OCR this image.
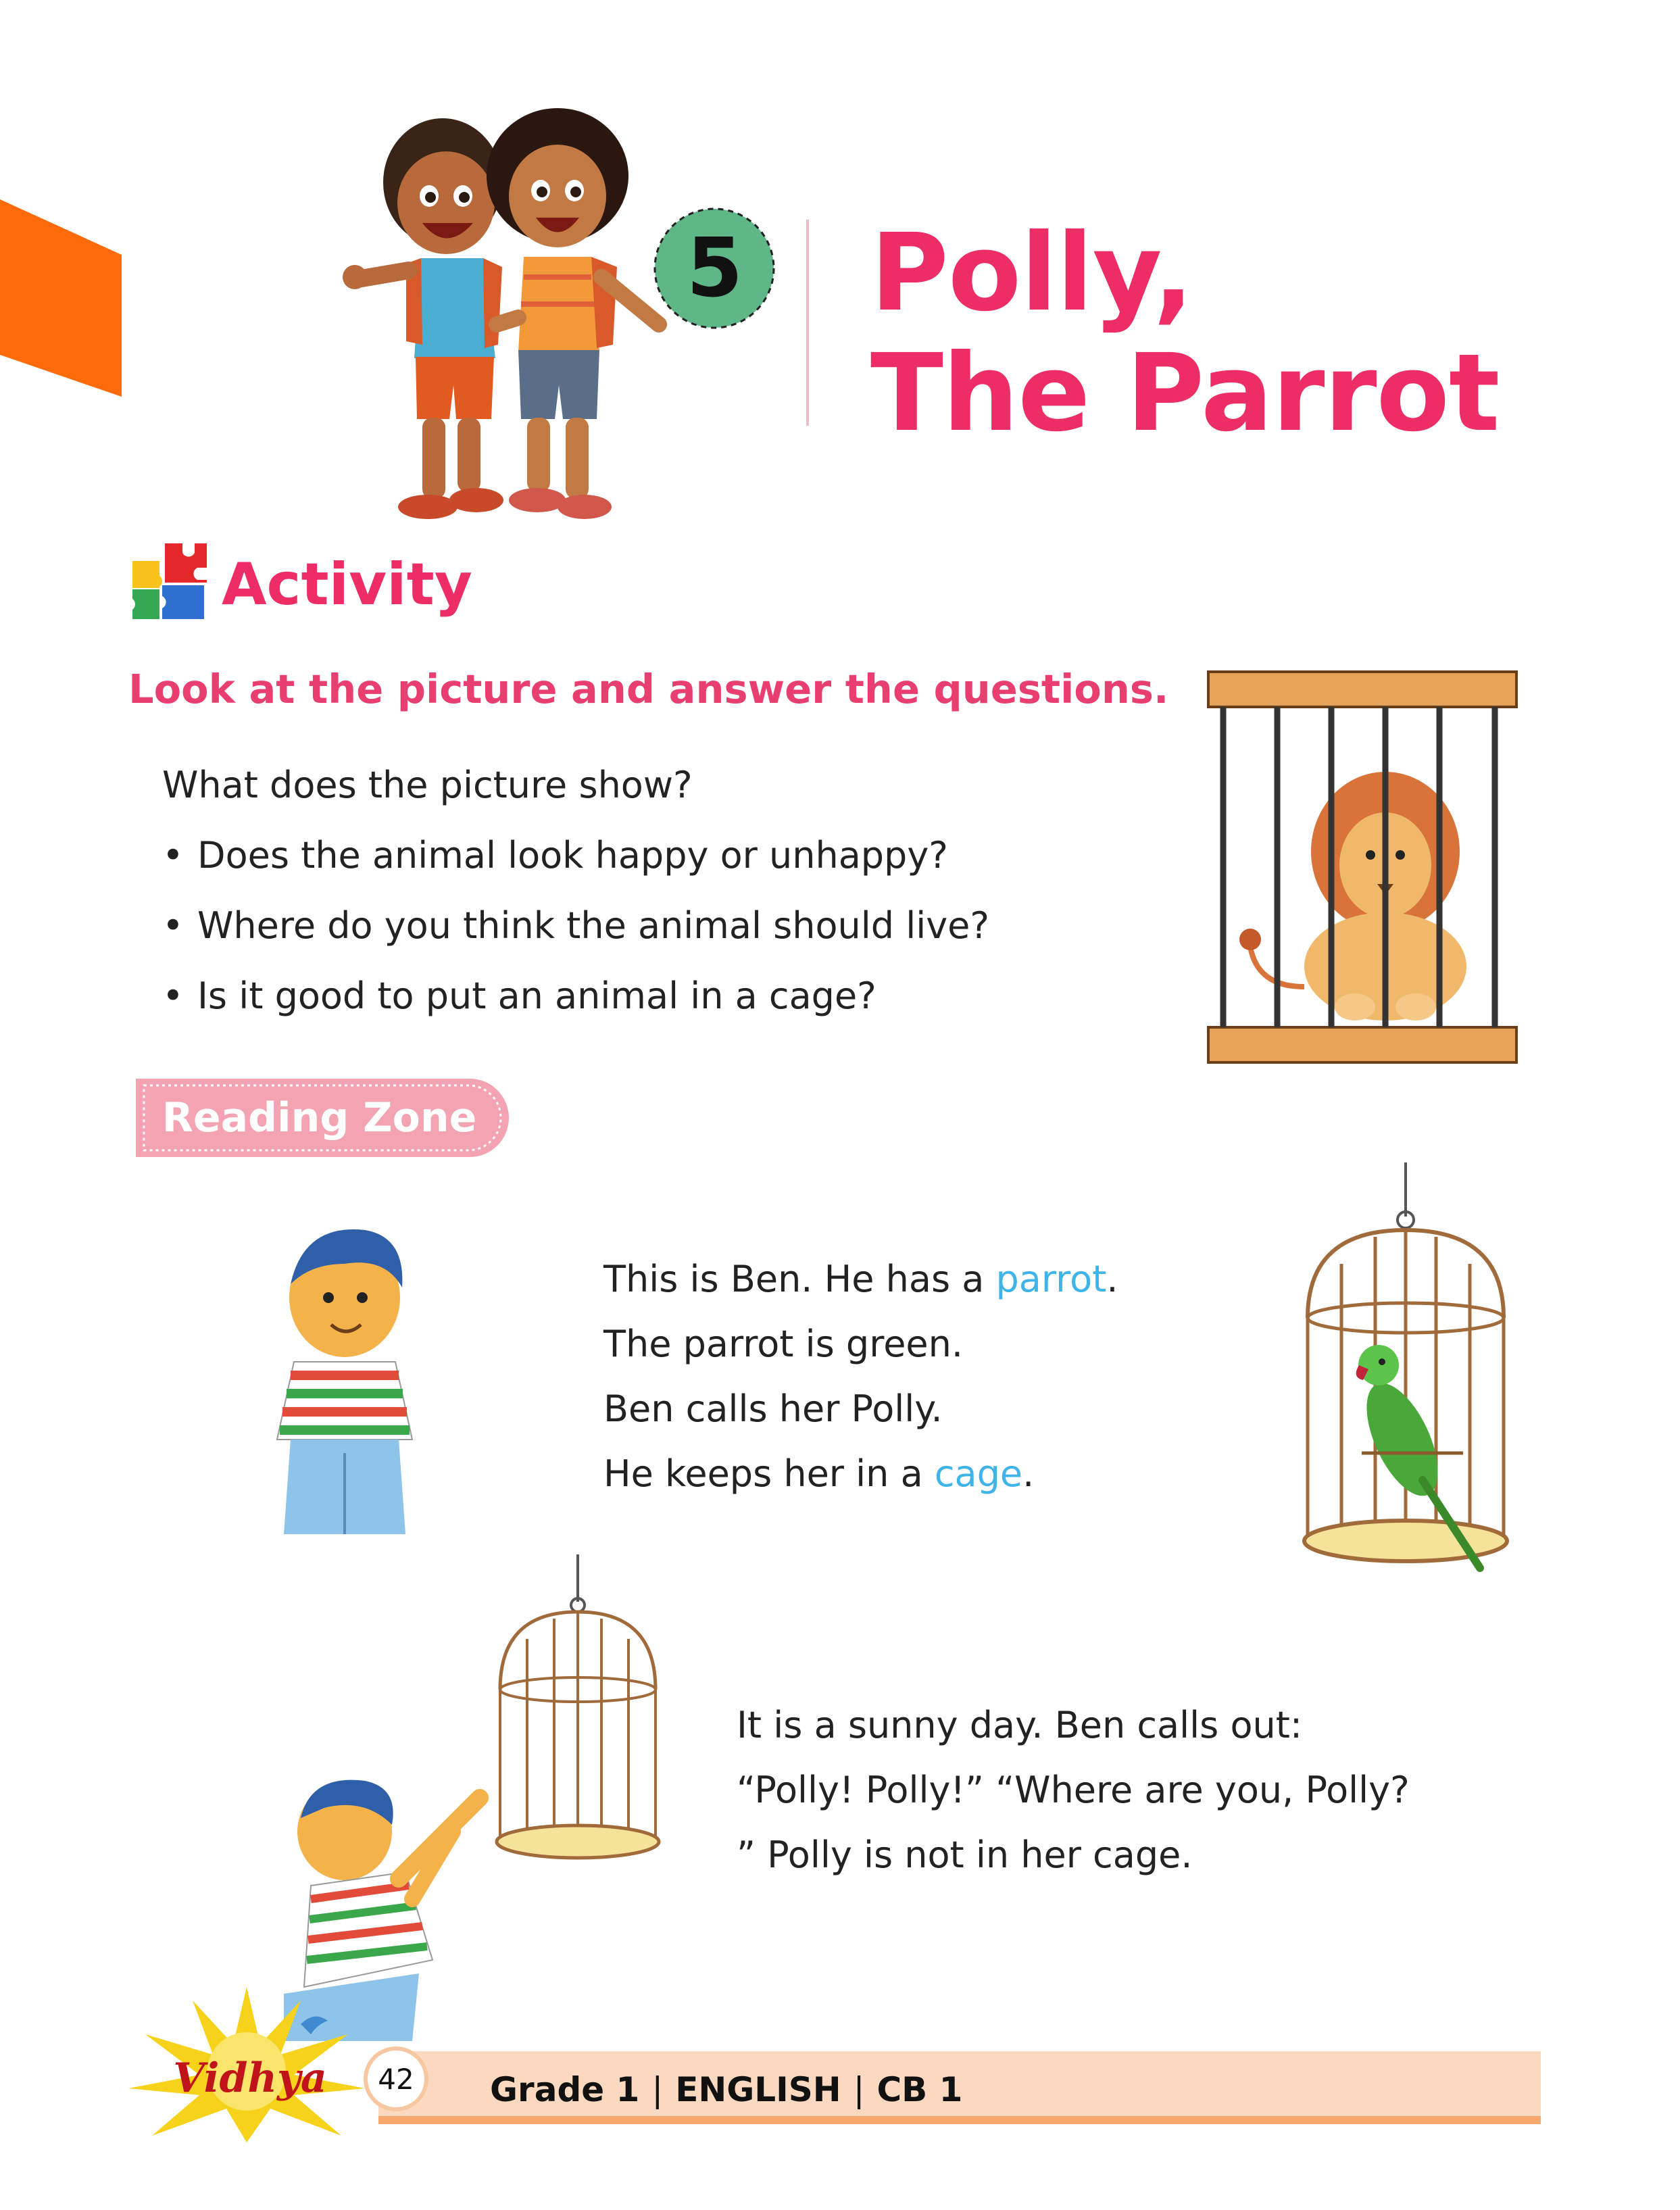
5	Polly,
The Parrot
Activity
Look at the picture and answer the questions.
What does the picture show?
• Does the animal look happy or unhappy?
• Where do you think the animal should live?
• Is it good to put an animal in a cage?
Reading Zone
This is Ben. He has a parrot.
The parrot is green.
Ben calls her Polly.
He keeps her in a cage.
It is a sunny day. Ben calls out:
“Polly! Polly!” “Where are you, Polly?
” Polly is not in her cage.
42	Grade 1 | ENGLISH | CB 1
Vidhya
